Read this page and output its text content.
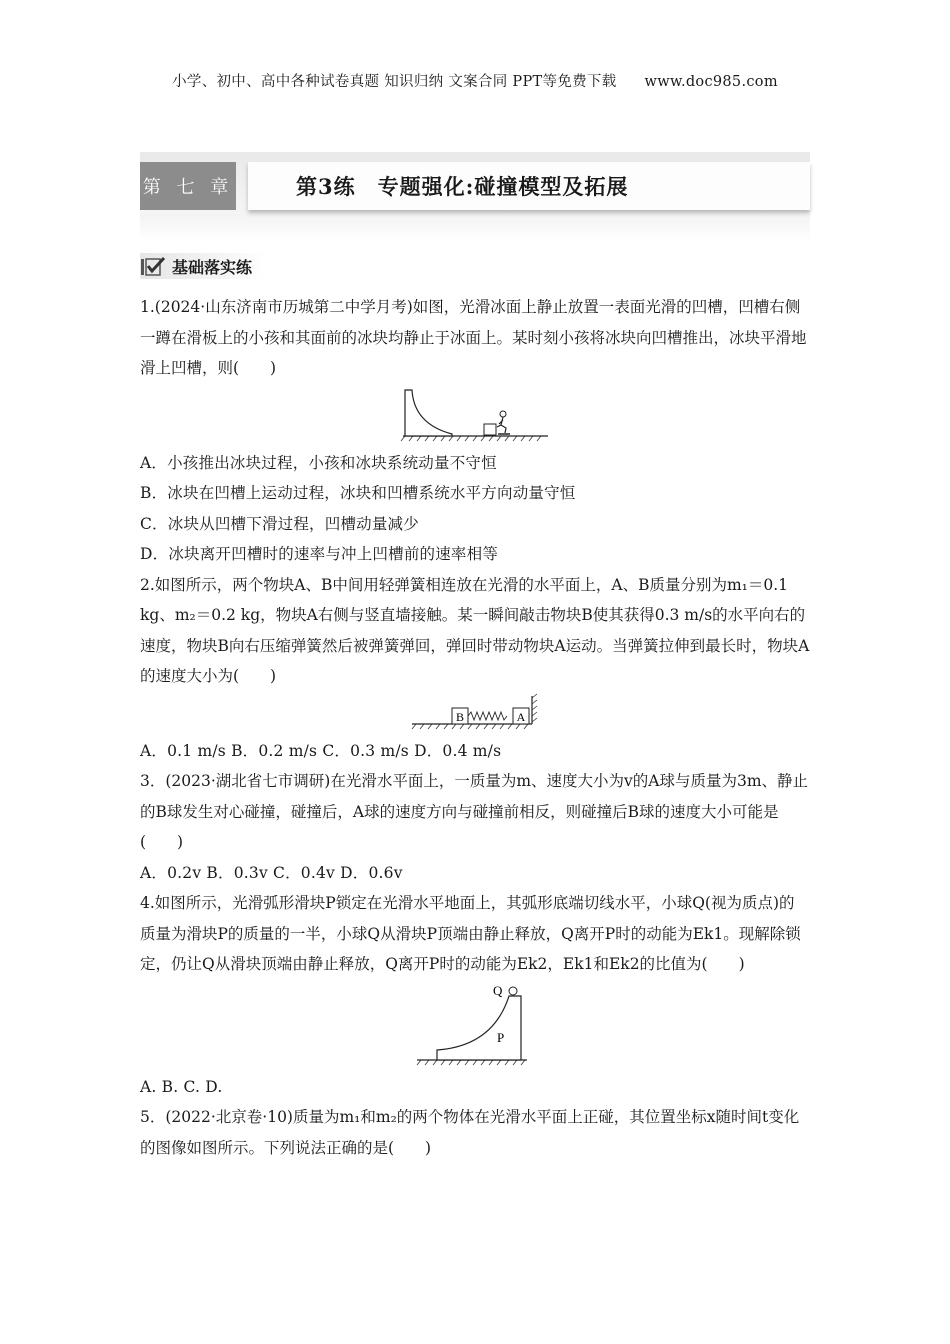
小学、初中、高中各种试卷真题 知识归纳 文案合同 PPT等免费下载 www.doc985.com
第 七 章	第3练　专题强化:碰撞模型及拓展
基础落实练

1.(2024·山东济南市历城第二中学月考)如图，光滑冰面上静止放置一表面光滑的凹槽，凹槽右侧一蹲在滑板上的小孩和其面前的冰块均静止于冰面上。某时刻小孩将冰块向凹槽推出，冰块平滑地滑上凹槽，则(　　)

A．小孩推出冰块过程，小孩和冰块系统动量不守恒

B．冰块在凹槽上运动过程，冰块和凹槽系统水平方向动量守恒

C．冰块从凹槽下滑过程，凹槽动量减少

D．冰块离开凹槽时的速率与冲上凹槽前的速率相等

2.如图所示，两个物块A、B中间用轻弹簧相连放在光滑的水平面上，A、B质量分别为m₁＝0.1 kg、m₂＝0.2 kg，物块A右侧与竖直墙接触。某一瞬间敲击物块B使其获得0.3 m/s的水平向右的速度，物块B向右压缩弹簧然后被弹簧弹回，弹回时带动物块A运动。当弹簧拉伸到最长时，物块A的速度大小为(　　)

B	A

A．0.1 m/s B．0.2 m/s C．0.3 m/s D．0.4 m/s

3．(2023·湖北省七市调研)在光滑水平面上，一质量为m、速度大小为v的A球与质量为3m、静止的B球发生对心碰撞，碰撞后，A球的速度方向与碰撞前相反，则碰撞后B球的速度大小可能是(　　)

A．0.2v B．0.3v C．0.4v D．0.6v

4.如图所示，光滑弧形滑块P锁定在光滑水平地面上，其弧形底端切线水平，小球Q(视为质点)的质量为滑块P的质量的一半，小球Q从滑块P顶端由静止释放，Q离开P时的动能为Ek1。现解除锁定，仍让Q从滑块顶端由静止释放，Q离开P时的动能为Ek2，Ek1和Ek2的比值为(　　)

Q
P

A. B. C. D.

5．(2022·北京卷·10)质量为m₁和m₂的两个物体在光滑水平面上正碰，其位置坐标x随时间t变化的图像如图所示。下列说法正确的是(　　)
